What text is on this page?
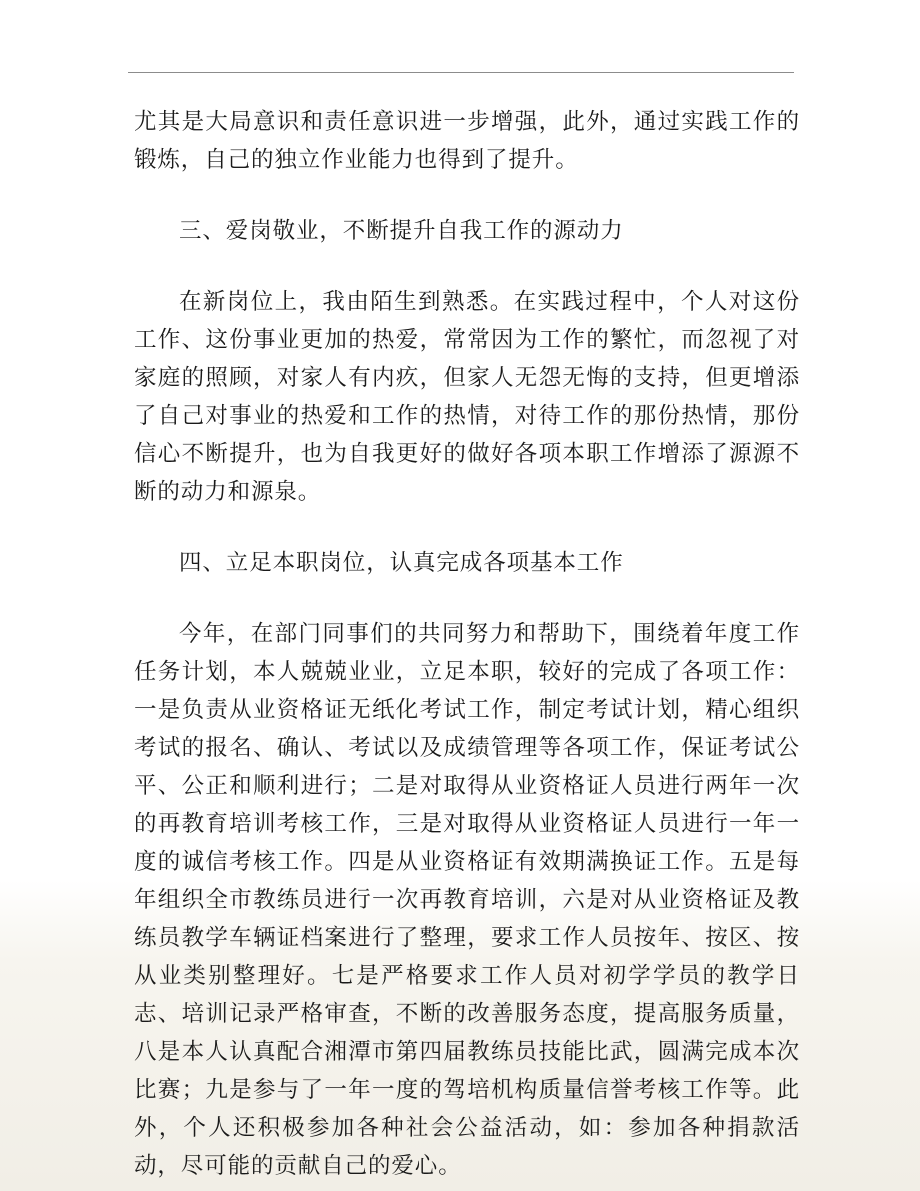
尤其是大局意识和责任意识进一步增强，此外，通过实践工作的锻炼，自己的独立作业能力也得到了提升。

三、爱岗敬业，不断提升自我工作的源动力

在新岗位上，我由陌生到熟悉。在实践过程中，个人对这份工作、这份事业更加的热爱，常常因为工作的繁忙，而忽视了对家庭的照顾，对家人有内疚，但家人无怨无悔的支持，但更增添了自己对事业的热爱和工作的热情，对待工作的那份热情，那份信心不断提升，也为自我更好的做好各项本职工作增添了源源不断的动力和源泉。

四、立足本职岗位，认真完成各项基本工作

今年，在部门同事们的共同努力和帮助下，围绕着年度工作任务计划，本人兢兢业业，立足本职，较好的完成了各项工作：一是负责从业资格证无纸化考试工作，制定考试计划，精心组织考试的报名、确认、考试以及成绩管理等各项工作，保证考试公平、公正和顺利进行；二是对取得从业资格证人员进行两年一次的再教育培训考核工作，三是对取得从业资格证人员进行一年一度的诚信考核工作。四是从业资格证有效期满换证工作。五是每年组织全市教练员进行一次再教育培训，六是对从业资格证及教练员教学车辆证档案进行了整理，要求工作人员按年、按区、按从业类别整理好。七是严格要求工作人员对初学学员的教学日志、培训记录严格审查，不断的改善服务态度，提高服务质量，八是本人认真配合湘潭市第四届教练员技能比武，圆满完成本次比赛；九是参与了一年一度的驾培机构质量信誉考核工作等。此外，个人还积极参加各种社会公益活动，如：参加各种捐款活动，尽可能的贡献自己的爱心。
